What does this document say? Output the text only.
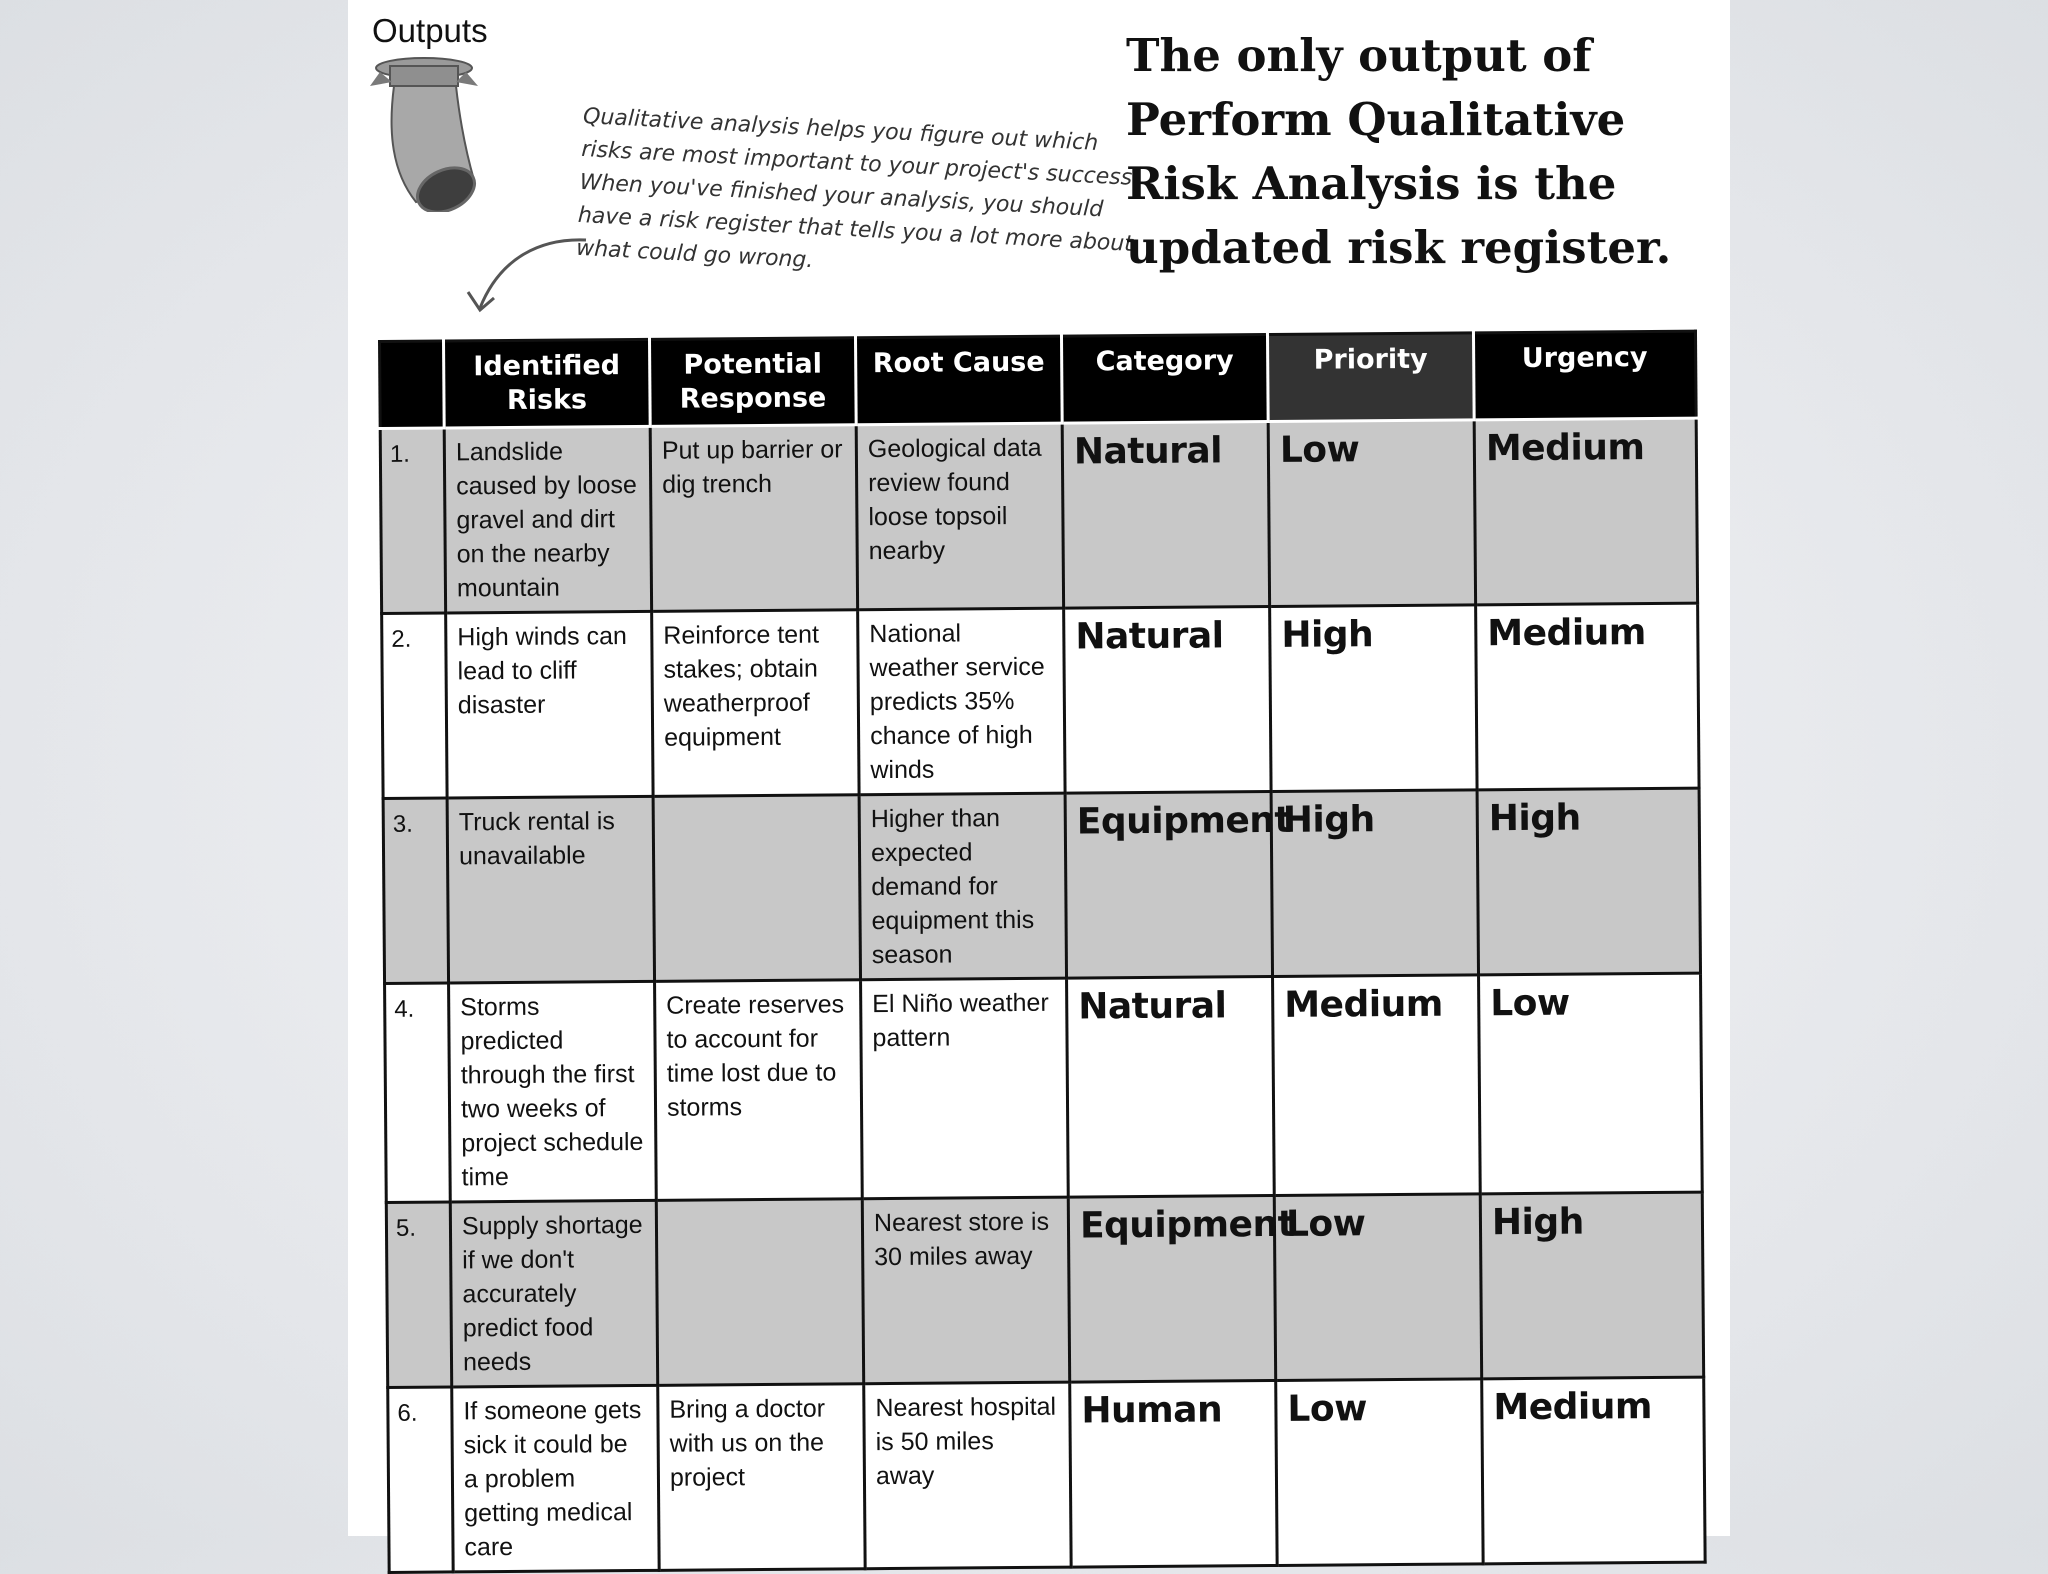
Outputs
Qualitative analysis helps you figure out which risks are most important to your project's success. When you've finished your analysis, you should have a risk register that tells you a lot more about what could go wrong.
The only output of Perform Qualitative Risk Analysis is the updated risk register.
	Identified Risks	Potential Response	Root Cause	Category	Priority	Urgency
1.	Landslide caused by loose gravel and dirt on the nearby mountain	Put up barrier or dig trench	Geological data review found loose topsoil nearby	Natural	Low	Medium
2.	High winds can lead to cliff disaster	Reinforce tent stakes; obtain weatherproof equipment	National weather service predicts 35% chance of high winds	Natural	High	Medium
3.	Truck rental is unavailable		Higher than expected demand for equipment this season	Equipment	High	High
4.	Storms predicted through the first two weeks of project schedule time	Create reserves to account for time lost due to storms	El Niño weather pattern	Natural	Medium	Low
5.	Supply shortage if we don't accurately predict food needs		Nearest store is 30 miles away	Equipment	Low	High
6.	If someone gets sick it could be a problem getting medical care	Bring a doctor with us on the project	Nearest hospital is 50 miles away	Human	Low	Medium
